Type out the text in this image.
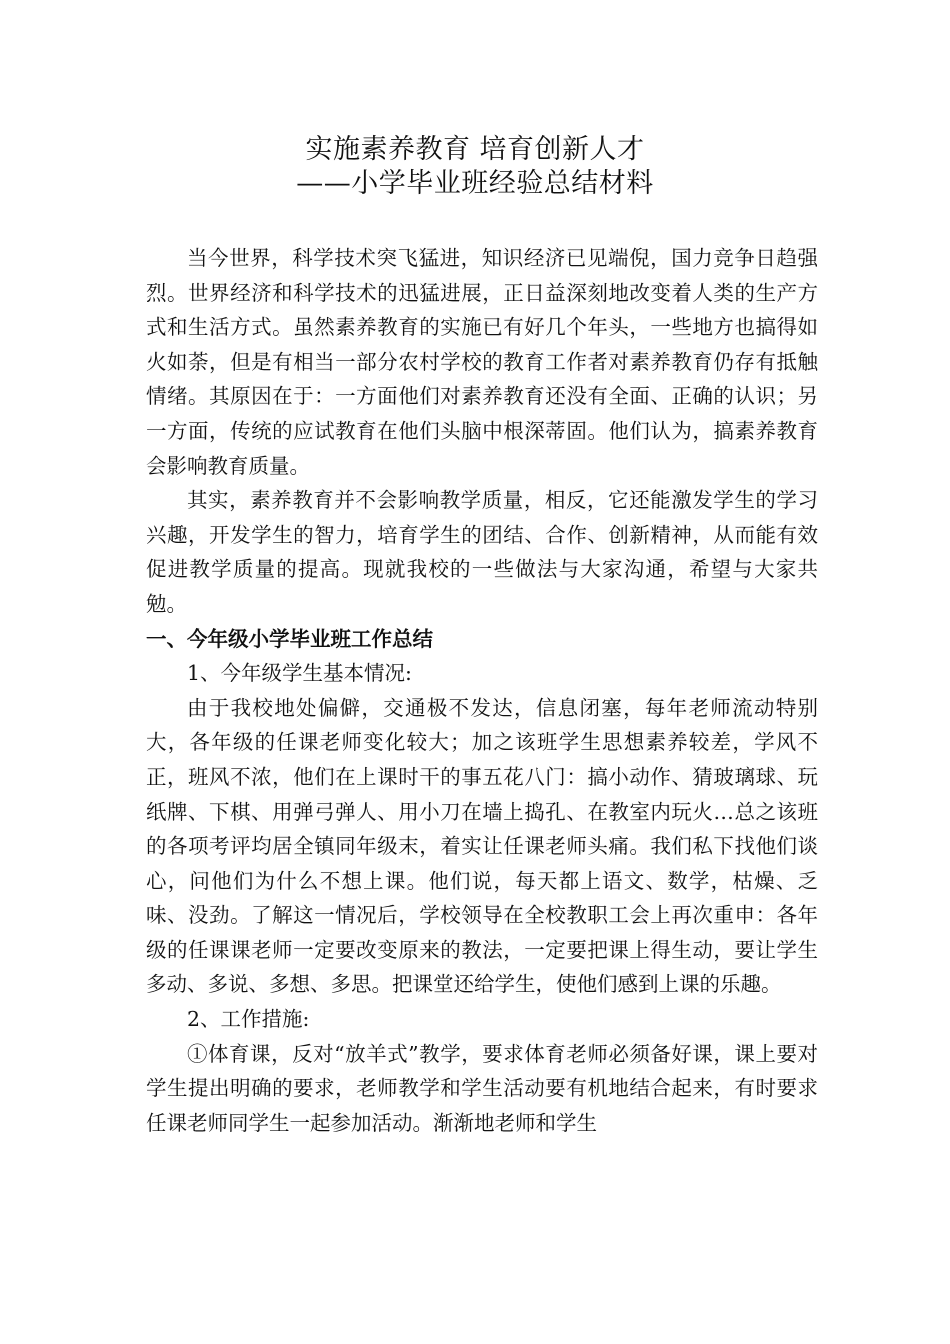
实施素养教育 培育创新人才
——小学毕业班经验总结材料

当今世界，科学技术突飞猛进，知识经济已见端倪，国力竞争日趋强烈。世界经济和科学技术的迅猛进展，正日益深刻地改变着人类的生产方式和生活方式。虽然素养教育的实施已有好几个年头，一些地方也搞得如火如荼，但是有相当一部分农村学校的教育工作者对素养教育仍存有抵触情绪。其原因在于：一方面他们对素养教育还没有全面、正确的认识；另一方面，传统的应试教育在他们头脑中根深蒂固。他们认为，搞素养教育会影响教育质量。

其实，素养教育并不会影响教学质量，相反，它还能激发学生的学习兴趣，开发学生的智力，培育学生的团结、合作、创新精神，从而能有效促进教学质量的提高。现就我校的一些做法与大家沟通，希望与大家共勉。

一、今年级小学毕业班工作总结

1、今年级学生基本情况:

由于我校地处偏僻，交通极不发达，信息闭塞，每年老师流动特别大，各年级的任课老师变化较大；加之该班学生思想素养较差，学风不正，班风不浓，他们在上课时干的事五花八门：搞小动作、猜玻璃球、玩纸牌、下棋、用弹弓弹人、用小刀在墙上捣孔、在教室内玩火…总之该班的各项考评均居全镇同年级末，着实让任课老师头痛。我们私下找他们谈心，问他们为什么不想上课。他们说，每天都上语文、数学，枯燥、乏味、没劲。了解这一情况后，学校领导在全校教职工会上再次重申：各年级的任课课老师一定要改变原来的教法，一定要把课上得生动，要让学生多动、多说、多想、多思。把课堂还给学生，使他们感到上课的乐趣。

2、工作措施:

①体育课，反对“放羊式”教学，要求体育老师必须备好课，课上要对学生提出明确的要求，老师教学和学生活动要有机地结合起来，有时要求任课老师同学生一起参加活动。渐渐地老师和学生
